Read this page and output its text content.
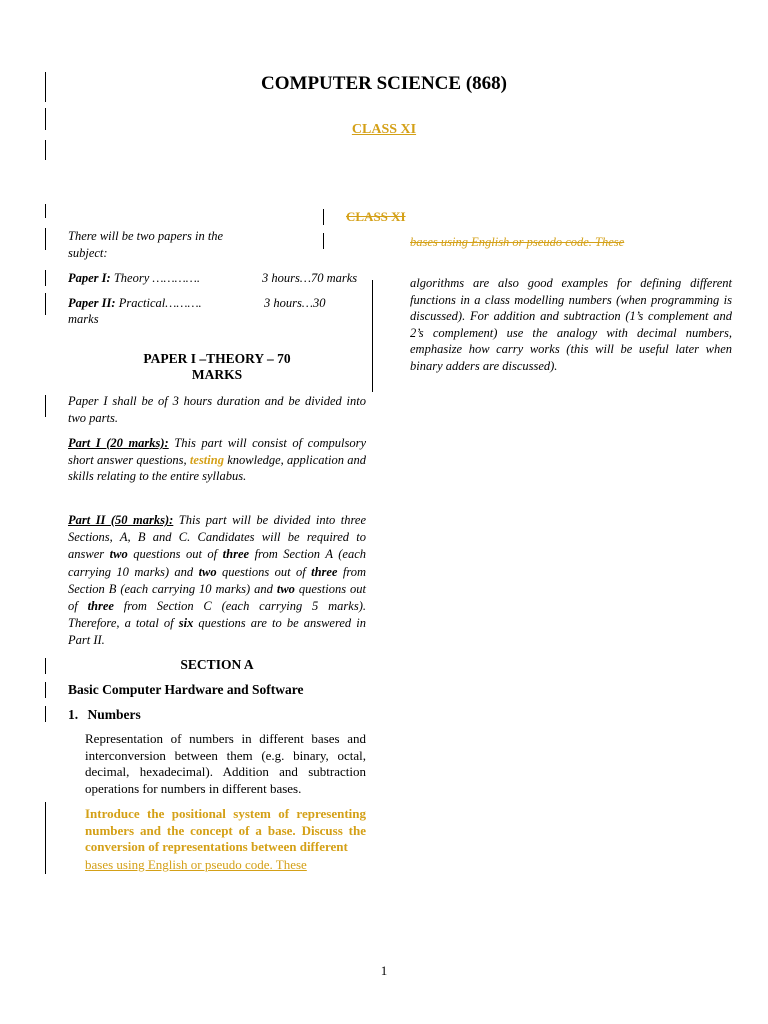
COMPUTER SCIENCE (868)
CLASS XI
CLASS XI
There will be two papers in the subject:
Paper I: Theory ………….	3 hours…70 marks
Paper II: Practical……….	3 hours…30
marks
PAPER I –THEORY – 70
MARKS
Paper I shall be of 3 hours duration and be divided into two parts.
Part I (20 marks): This part will consist of compulsory short answer questions, testing knowledge, application and skills relating to the entire syllabus.
Part II (50 marks): This part will be divided into three Sections, A, B and C. Candidates will be required to answer two questions out of three from Section A (each carrying 10 marks) and two questions out of three from Section B (each carrying 10 marks) and two questions out of three from Section C (each carrying 5 marks). Therefore, a total of six questions are to be answered in Part II.
SECTION A
Basic Computer Hardware and Software
1. Numbers
Representation of numbers in different bases and interconversion between them (e.g. binary, octal, decimal, hexadecimal). Addition and subtraction operations for numbers in different bases.
Introduce the positional system of representing numbers and the concept of a base. Discuss the conversion of representations between different
bases using English or pseudo code. These
bases using English or pseudo code. These
algorithms are also good examples for defining different functions in a class modelling numbers (when programming is discussed). For addition and subtraction (1’s complement and 2’s complement) use the analogy with decimal numbers, emphasize how carry works (this will be useful later when binary adders are discussed).
1
